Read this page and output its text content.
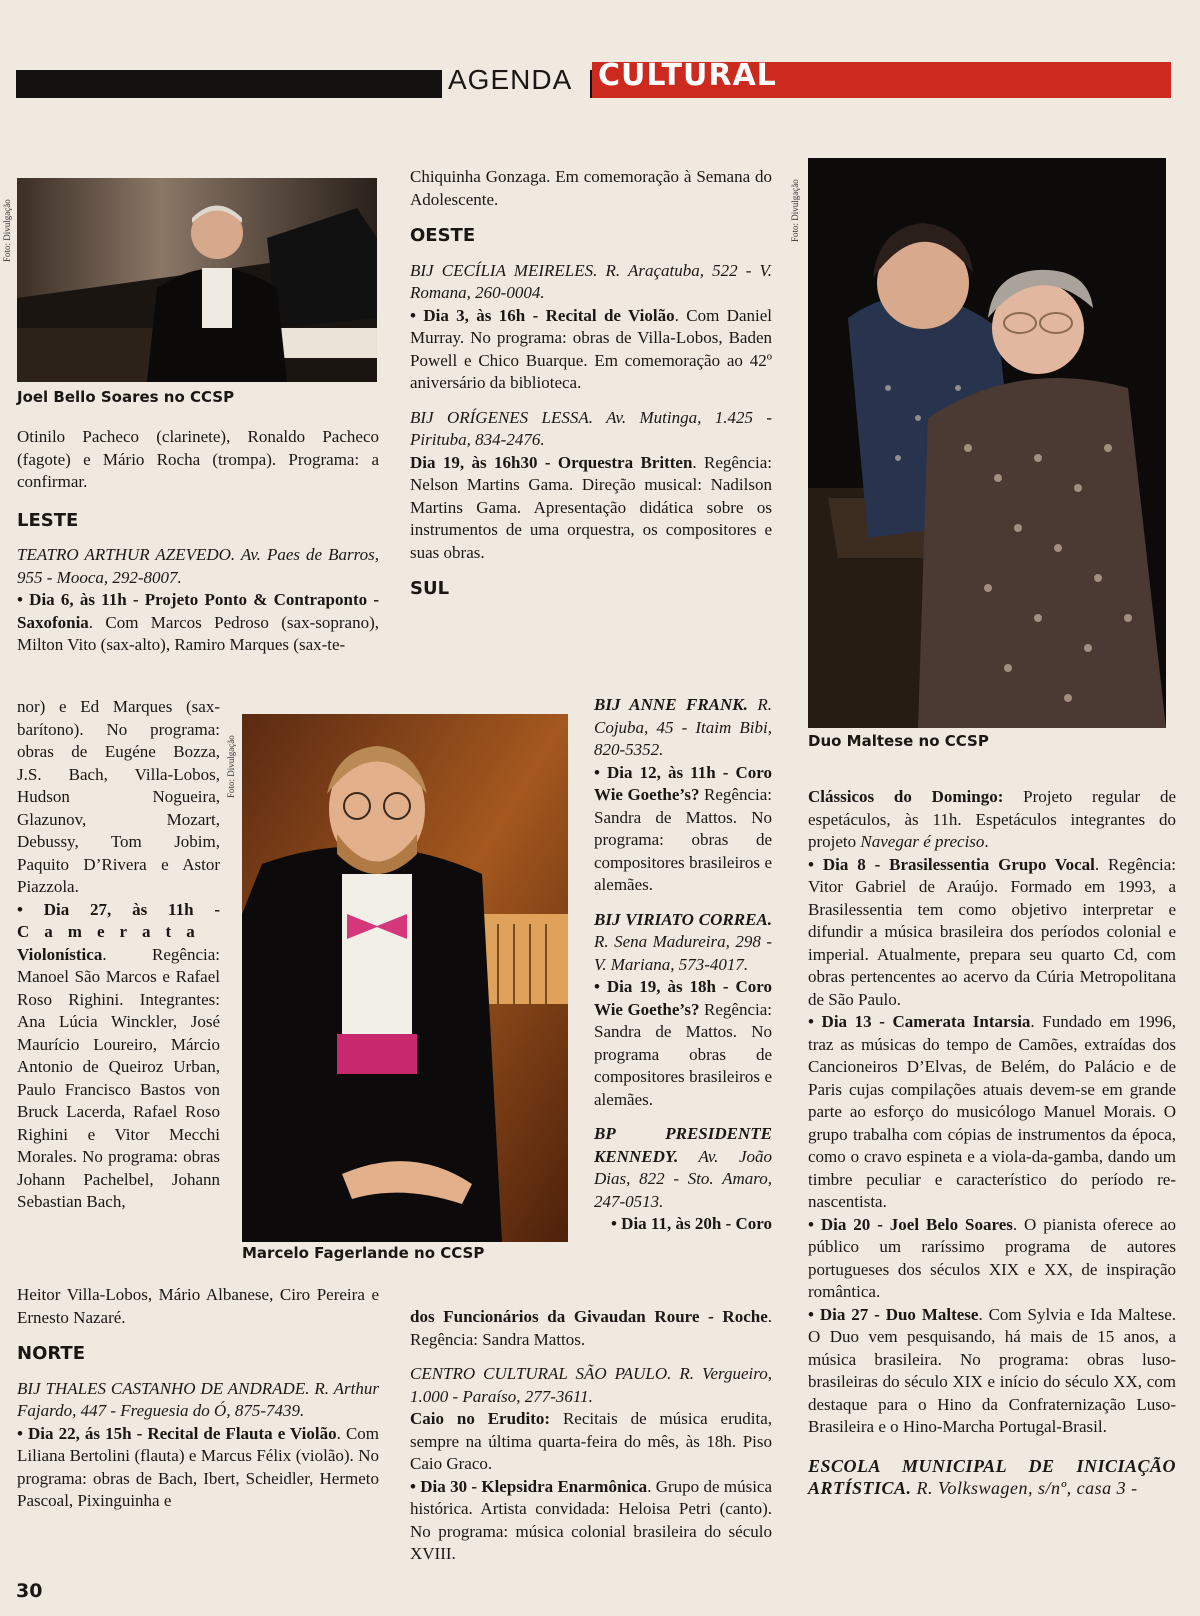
AGENDA CULTURAL
Foto: Divulgação
Joel Bello Soares no CCSP
Foto: Divulgação
Duo Maltese no CCSP
Foto: Divulgação
Marcelo Fagerlande no CCSP

Otinilo Pacheco (clarinete), Ronaldo Pacheco (fagote) e Mário Rocha (trompa). Programa: a confirmar.

LESTE

TEATRO ARTHUR AZEVEDO. Av. Paes de Barros, 955 - Mooca, 292-8007.

• Dia 6, às 11h - Projeto Ponto & Contraponto - Saxofonia. Com Marcos Pedroso (sax-soprano), Milton Vito (sax-alto), Ramiro Marques (sax-te-

nor) e Ed Marques (sax-

barítono). No programa:

obras de Eugéne Bozza,

J.S. Bach, Villa-Lobos,

Hudson Nogueira,

Glazunov, Mozart,

Debussy, Tom Jobim,

Paquito D’Rivera e Astor

Piazzola.

• Dia 27, às 11h -

Camerata

Violonística. Regência: Manoel São Marcos e Rafael Roso Righini. Integrantes: Ana Lúcia Winckler, José Maurício Loureiro, Márcio Antonio de Queiroz Urban, Paulo Francisco Bastos von Bruck Lacerda, Rafael Roso Righini e Vitor Mecchi Morales. No programa: obras Johann Pachelbel, Johann Sebastian Bach,

Heitor Villa-Lobos, Mário Albanese, Ciro Pereira e Ernesto Nazaré.

NORTE

BIJ THALES CASTANHO DE ANDRADE. R. Arthur Fajardo, 447 - Freguesia do Ó, 875-7439.

• Dia 22, ás 15h - Recital de Flauta e Violão. Com Liliana Bertolini (flauta) e Marcus Félix (violão). No programa: obras de Bach, Ibert, Scheidler, Hermeto Pascoal, Pixinguinha e

Chiquinha Gonzaga. Em comemoração à Semana do Adolescente.

OESTE

BIJ CECÍLIA MEIRELES. R. Araçatuba, 522 - V. Romana, 260-0004.

• Dia 3, às 16h - Recital de Violão. Com Daniel Murray. No programa: obras de Villa-Lobos, Baden Powell e Chico Buarque. Em comemoração ao 42º aniversário da biblioteca.

BIJ ORÍGENES LESSA. Av. Mutinga, 1.425 - Pirituba, 834-2476.

Dia 19, às 16h30 - Orquestra Britten. Regência: Nelson Martins Gama. Direção musical: Nadilson Martins Gama. Apresentação didática sobre os instrumentos de uma orquestra, os compositores e suas obras.

SUL

BIJ ANNE FRANK. R. Cojuba, 45 - Itaim Bibi, 820-5352.

• Dia 12, às 11h - Coro Wie Goethe’s? Regência: Sandra de Mattos. No programa: obras de compositores brasileiros e alemães.

BIJ VIRIATO CORREA. R. Sena Madureira, 298 - V. Mariana, 573-4017.

• Dia 19, às 18h - Coro Wie Goethe’s? Regência: Sandra de Mattos. No programa obras de compositores brasileiros e alemães.

BP PRESIDENTE KENNEDY. Av. João Dias, 822 - Sto. Amaro, 247-0513.

• Dia 11, às 20h - Coro

dos Funcionários da Givaudan Roure - Roche. Regência: Sandra Mattos.

CENTRO CULTURAL SÃO PAULO. R. Vergueiro, 1.000 - Paraíso, 277-3611.

Caio no Erudito: Recitais de música erudita, sempre na última quarta-feira do mês, às 18h. Piso Caio Graco.

• Dia 30 - Klepsidra Enarmônica. Grupo de música histórica. Artista convidada: Heloisa Petri (canto). No programa: música colonial brasileira do século XVIII.

Clássicos do Domingo: Projeto regular de espetáculos, às 11h. Espetáculos integrantes do projeto Navegar é preciso.

• Dia 8 - Brasilessentia Grupo Vocal. Regência: Vitor Gabriel de Araújo. Formado em 1993, a Brasilessentia tem como objetivo interpretar e difundir a música brasileira dos períodos colonial e imperial. Atualmente, prepara seu quarto Cd, com obras pertencentes ao acervo da Cúria Metropolitana de São Paulo.

• Dia 13 - Camerata Intarsia. Fundado em 1996, traz as músicas do tempo de Camões, extraídas dos Cancioneiros D’Elvas, de Belém, do Palácio e de Paris cujas compilações atuais devem-se em grande parte ao esforço do musicólogo Manuel Morais. O grupo trabalha com cópias de instrumentos da época, como o cravo espineta e a viola-da-gamba, dando um timbre peculiar e característico do período re-nascentista.

• Dia 20 - Joel Belo Soares. O pianista oferece ao público um raríssimo programa de autores portugueses dos séculos XIX e XX, de inspiração romântica.

• Dia 27 - Duo Maltese. Com Sylvia e Ida Maltese. O Duo vem pesquisando, há mais de 15 anos, a música brasileira. No programa: obras luso-brasileiras do século XIX e início do século XX, com destaque para o Hino da Confraternização Luso-Brasileira e o Hino-Marcha Portugal-Brasil.

ESCOLA MUNICIPAL DE INICIAÇÃO ARTÍSTICA. R. Volkswagen, s/nº, casa 3 -

30
